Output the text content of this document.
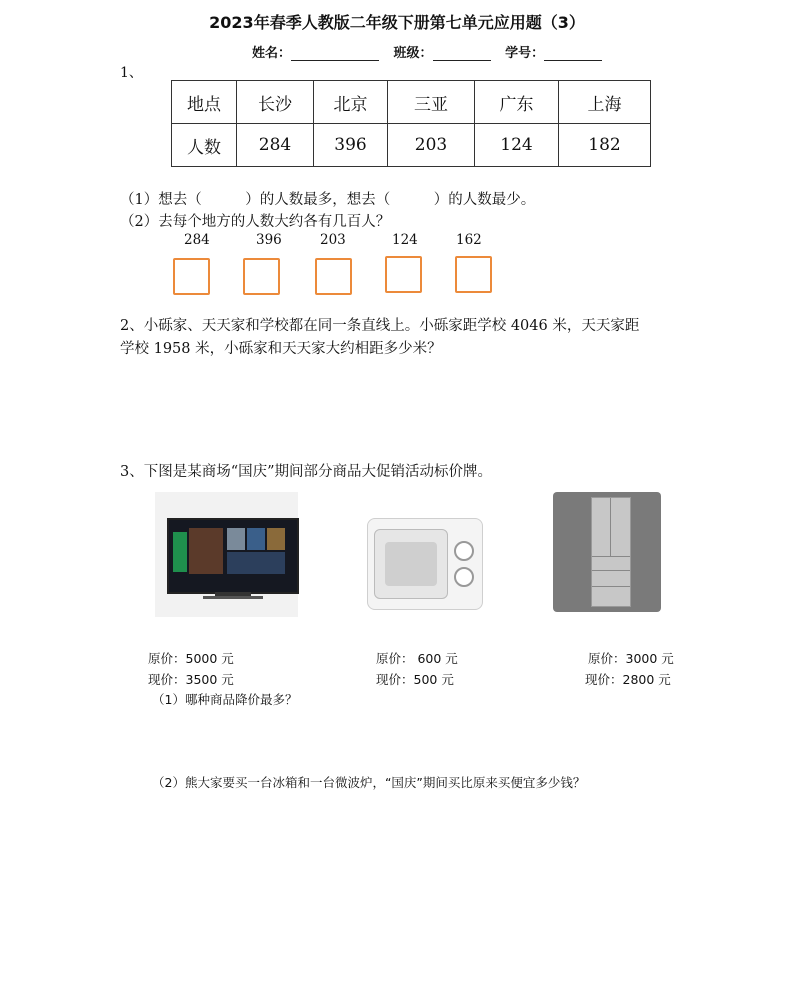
2023年春季人教版二年级下册第七单元应用题（3）
姓名：	班级：	学号：
1、
地点	长沙	北京	三亚	广东	上海
人数	284	396	203	124	182
（1）想去（　　　）的人数最多，想去（　　　）的人数最少。
（2）去每个地方的人数大约各有几百人？
284	396	203	124	162
2、小砾家、天天家和学校都在同一条直线上。小砾家距学校 4046 米，天天家距
学校 1958 米，小砾家和天天家大约相距多少米？
3、下图是某商场“国庆”期间部分商品大促销活动标价牌。
原价：5000 元
现价：3500 元
原价： 600 元
现价：500 元
原价：3000 元
现价：2800 元
（1）哪种商品降价最多？
（2）熊大家要买一台冰箱和一台微波炉，“国庆”期间买比原来买便宜多少钱？
